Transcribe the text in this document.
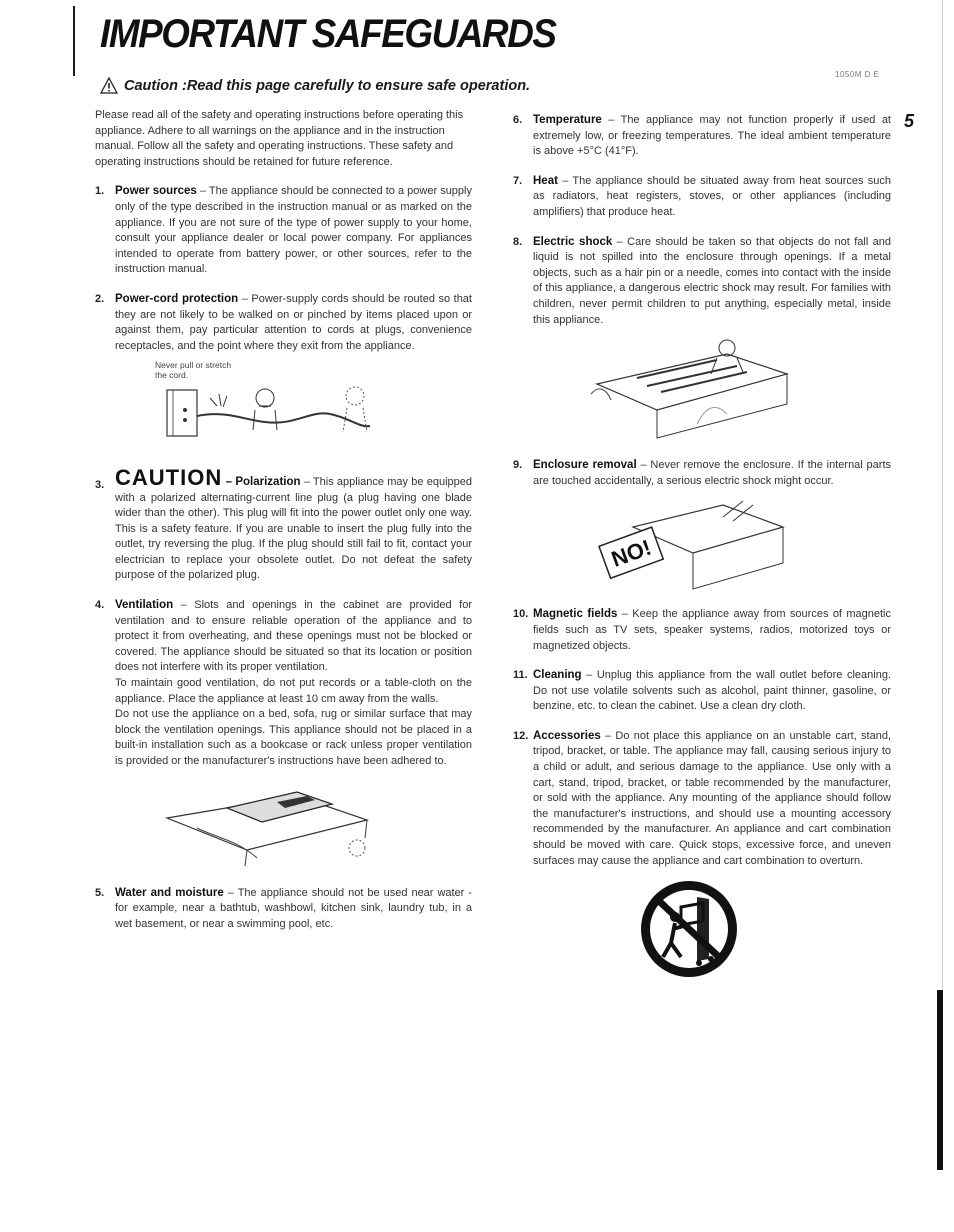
IMPORTANT SAFEGUARDS
Caution :Read this page carefully to ensure safe operation.
1050M D E
5

Please read all of the safety and operating instructions before operating this appliance. Adhere to all warnings on the appliance and in the instruction manual. Follow all the safety and operating instructions. These safety and operating instructions should be retained for future reference.

1. Power sources – The appliance should be connected to a power supply only of the type described in the instruction manual or as marked on the appliance. If you are not sure of the type of power supply to your home, consult your appliance dealer or local power company. For appliances intended to operate from battery power, or other sources, refer to the instruction manual.
2. Power-cord protection – Power-supply cords should be routed so that they are not likely to be walked on or pinched by items placed upon or against them, pay particular attention to cords at plugs, convenience receptacles, and the point where they exit from the appliance.
Never pull or stretch the cord.
3. CAUTION – Polarization – This appliance may be equipped with a polarized alternating-current line plug (a plug having one blade wider than the other). This plug will fit into the power outlet only one way. This is a safety feature. If you are unable to insert the plug fully into the outlet, try reversing the plug. If the plug should still fail to fit, contact your electrician to replace your obsolete outlet. Do not defeat the safety purpose of the polarized plug.
4. Ventilation – Slots and openings in the cabinet are provided for ventilation and to ensure reliable operation of the appliance and to protect it from overheating, and these openings must not be blocked or covered. The appliance should be situated so that its location or position does not interfere with its proper ventilation.

To maintain good ventilation, do not put records or a table-cloth on the appliance. Place the appliance at least 10 cm away from the walls.

Do not use the appliance on a bed, sofa, rug or similar surface that may block the ventilation openings. This appliance should not be placed in a built-in installation such as a bookcase or rack unless proper ventilation is provided or the manufacturer's instructions have been adhered to.

5. Water and moisture – The appliance should not be used near water - for example, near a bathtub, washbowl, kitchen sink, laundry tub, in a wet basement, or near a swimming pool, etc.
6. Temperature – The appliance may not function properly if used at extremely low, or freezing temperatures. The ideal ambient temperature is above +5°C (41°F).
7. Heat – The appliance should be situated away from heat sources such as radiators, heat registers, stoves, or other appliances (including amplifiers) that produce heat.
8. Electric shock – Care should be taken so that objects do not fall and liquid is not spilled into the enclosure through openings. If a metal objects, such as a hair pin or a needle, comes into contact with the inside of this appliance, a dangerous electric shock may result. For families with children, never permit children to put anything, especially metal, inside this appliance.
9. Enclosure removal – Never remove the enclosure. If the internal parts are touched accidentally, a serious electric shock might occur.
NO!
10. Magnetic fields – Keep the appliance away from sources of magnetic fields such as TV sets, speaker systems, radios, motorized toys or magnetized objects.
11. Cleaning – Unplug this appliance from the wall outlet before cleaning. Do not use volatile solvents such as alcohol, paint thinner, gasoline, or benzine, etc. to clean the cabinet. Use a clean dry cloth.
12. Accessories – Do not place this appliance on an unstable cart, stand, tripod, bracket, or table. The appliance may fall, causing serious injury to a child or adult, and serious damage to the appliance. Use only with a cart, stand, tripod, bracket, or table recommended by the manufacturer, or sold with the appliance. Any mounting of the appliance should follow the manufacturer's instructions, and should use a mounting accessory recommended by the manufacturer. An appliance and cart combination should be moved with care. Quick stops, excessive force, and uneven surfaces may cause the appliance and cart combination to overturn.
